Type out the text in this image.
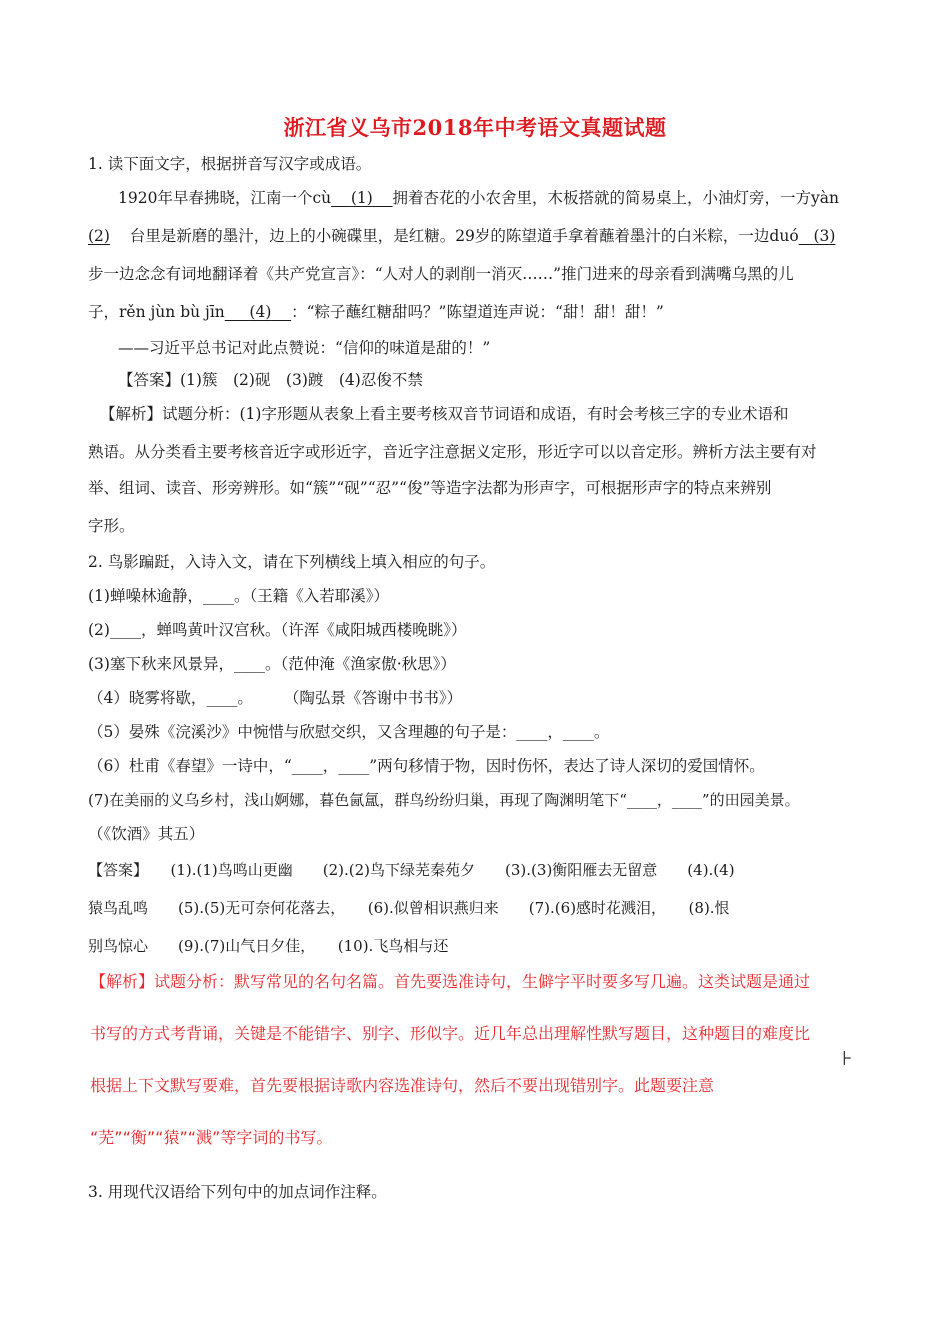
浙江省义乌市2018年中考语文真题试题
1. 读下面文字，根据拼音写汉字或成语。
1920年早春拂晓，江南一个cù (1) 拥着杏花的小农舍里，木板搭就的简易桌上，小油灯旁，一方yàn
(2) 台里是新磨的墨汁，边上的小碗碟里，是红糖。29岁的陈望道手拿着蘸着墨汁的白米粽，一边duó (3)
步一边念念有词地翻译着《共产党宣言》：“人对人的剥削一消灭……”推门进来的母亲看到满嘴乌黑的儿
子，rěn jùn bù jīn (4) ：“粽子蘸红糖甜吗？”陈望道连声说：“甜！甜！甜！”
——习近平总书记对此点赞说：“信仰的味道是甜的！”
【答案】(1)簇　(2)砚　(3)踱　(4)忍俊不禁
【解析】试题分析：(1)字形题从表象上看主要考核双音节词语和成语，有时会考核三字的专业术语和
熟语。从分类看主要考核音近字或形近字，音近字注意据义定形，形近字可以以音定形。辨析方法主要有对
举、组词、读音、形旁辨形。如“簇”“砚”“忍”“俊”等造字法都为形声字，可根据形声字的特点来辨别
字形。
2. 鸟影蹁跹，入诗入文，请在下列横线上填入相应的句子。
(1)蝉噪林逾静，____。（王籍《入若耶溪》）
(2)____，蝉鸣黄叶汉宫秋。（许浑《咸阳城西楼晚眺》）
(3)塞下秋来风景异，____。（范仲淹《渔家傲·秋思》）
（4）晓雾将歇，____。　　　（陶弘景《答谢中书书》）
（5）晏殊《浣溪沙》中惋惜与欣慰交织，又含理趣的句子是：____，____。
（6）杜甫《春望》一诗中，“____，____”两句移情于物，因时伤怀，表达了诗人深切的爱国情怀。
(7)在美丽的义乌乡村，浅山婀娜，暮色氤氲，群鸟纷纷归巢，再现了陶渊明笔下“____，____”的田园美景。
（《饮酒》其五）
【答案】　　(1).(1)鸟鸣山更幽　　(2).(2)鸟下绿芜秦苑夕　　(3).(3)衡阳雁去无留意　　(4).(4)
猿鸟乱鸣　　(5).(5)无可奈何花落去，　　(6).似曾相识燕归来　　(7).(6)感时花溅泪，　　(8).恨
别鸟惊心　　(9).(7)山气日夕佳，　　(10).飞鸟相与还
【解析】试题分析：默写常见的名句名篇。首先要选准诗句，生僻字平时要多写几遍。这类试题是通过
书写的方式考背诵，关键是不能错字、别字、形似字。近几年总出理解性默写题目，这种题目的难度比
根据上下文默写要难，首先要根据诗歌内容选准诗句，然后不要出现错别字。此题要注意
“芜”“衡”“猿”“溅”等字词的书写。
⊦
3. 用现代汉语给下列句中的加点词作注释。
